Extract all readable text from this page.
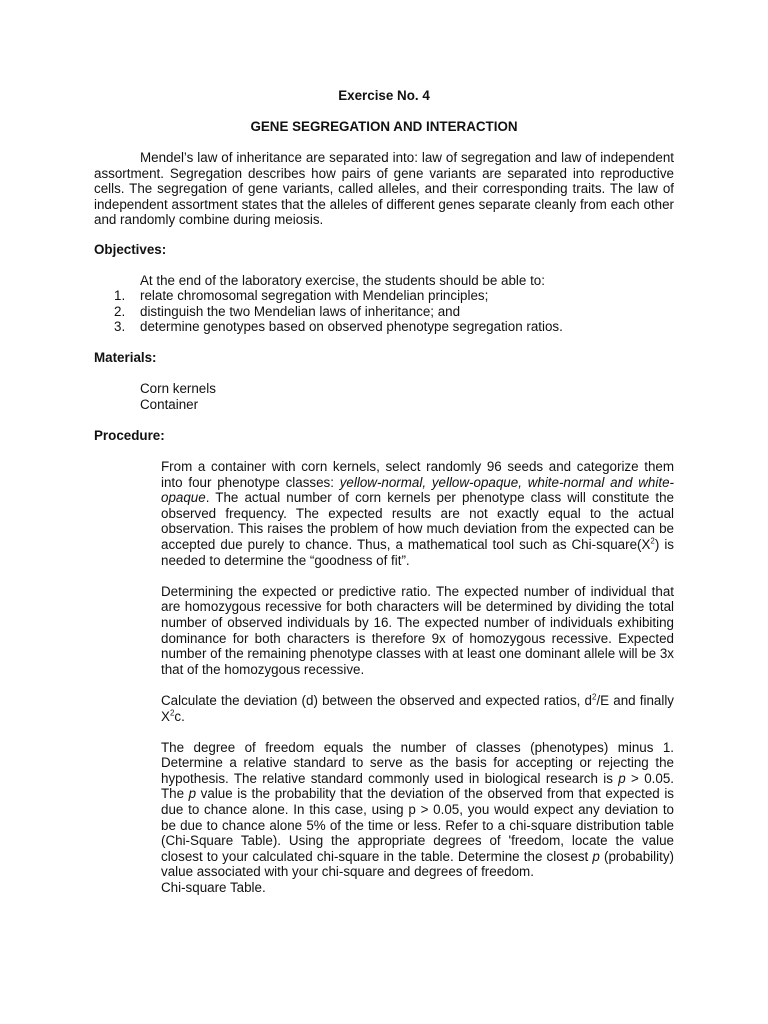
Exercise No. 4
GENE SEGREGATION AND INTERACTION
Mendel’s law of inheritance are separated into: law of segregation and law of independent assortment. Segregation describes how pairs of gene variants are separated into reproductive cells. The segregation of gene variants, called alleles, and their corresponding traits. The law of independent assortment states that the alleles of different genes separate cleanly from each other and randomly combine during meiosis.
Objectives:
At the end of the laboratory exercise, the students should be able to:
1.	relate chromosomal segregation with Mendelian principles;
2.	distinguish the two Mendelian laws of inheritance; and
3.	determine genotypes based on observed phenotype segregation ratios.
Materials:
Corn kernels
Container
Procedure:

From a container with corn kernels, select randomly 96 seeds and categorize them into four phenotype classes: yellow-normal, yellow-opaque, white-normal and white-opaque. The actual number of corn kernels per phenotype class will constitute the observed frequency. The expected results are not exactly equal to the actual observation. This raises the problem of how much deviation from the expected can be accepted due purely to chance. Thus, a mathematical tool such as Chi-$square(X^2)$ is needed to determine the “goodness of fit”.

Determining the expected or predictive ratio. The expected number of individual that are homozygous recessive for both characters will be determined by dividing the total number of observed individuals by 16. The expected number of individuals exhibiting dominance for both characters is therefore 9x of homozygous recessive. Expected number of the remaining phenotype classes with at least one dominant allele will be 3x that of the homozygous recessive.

Calculate the deviation (d) between the observed and expected ratios, $d^2/E$ and finally $X^2c$.

The degree of freedom equals the number of classes (phenotypes) minus 1. Determine a relative standard to serve as the basis for accepting or rejecting the hypothesis. The relative standard commonly used in biological research is p > 0.05. The p value is the probability that the deviation of the observed from that expected is due to chance alone. In this case, using p > 0.05, you would expect any deviation to be due to chance alone 5% of the time or less. Refer to a chi-square distribution table (Chi-Square Table). Using the appropriate degrees of 'freedom, locate the value closest to your calculated chi-square in the table. Determine the closest p (probability) value associated with your chi-square and degrees of freedom.

Chi-square Table.
